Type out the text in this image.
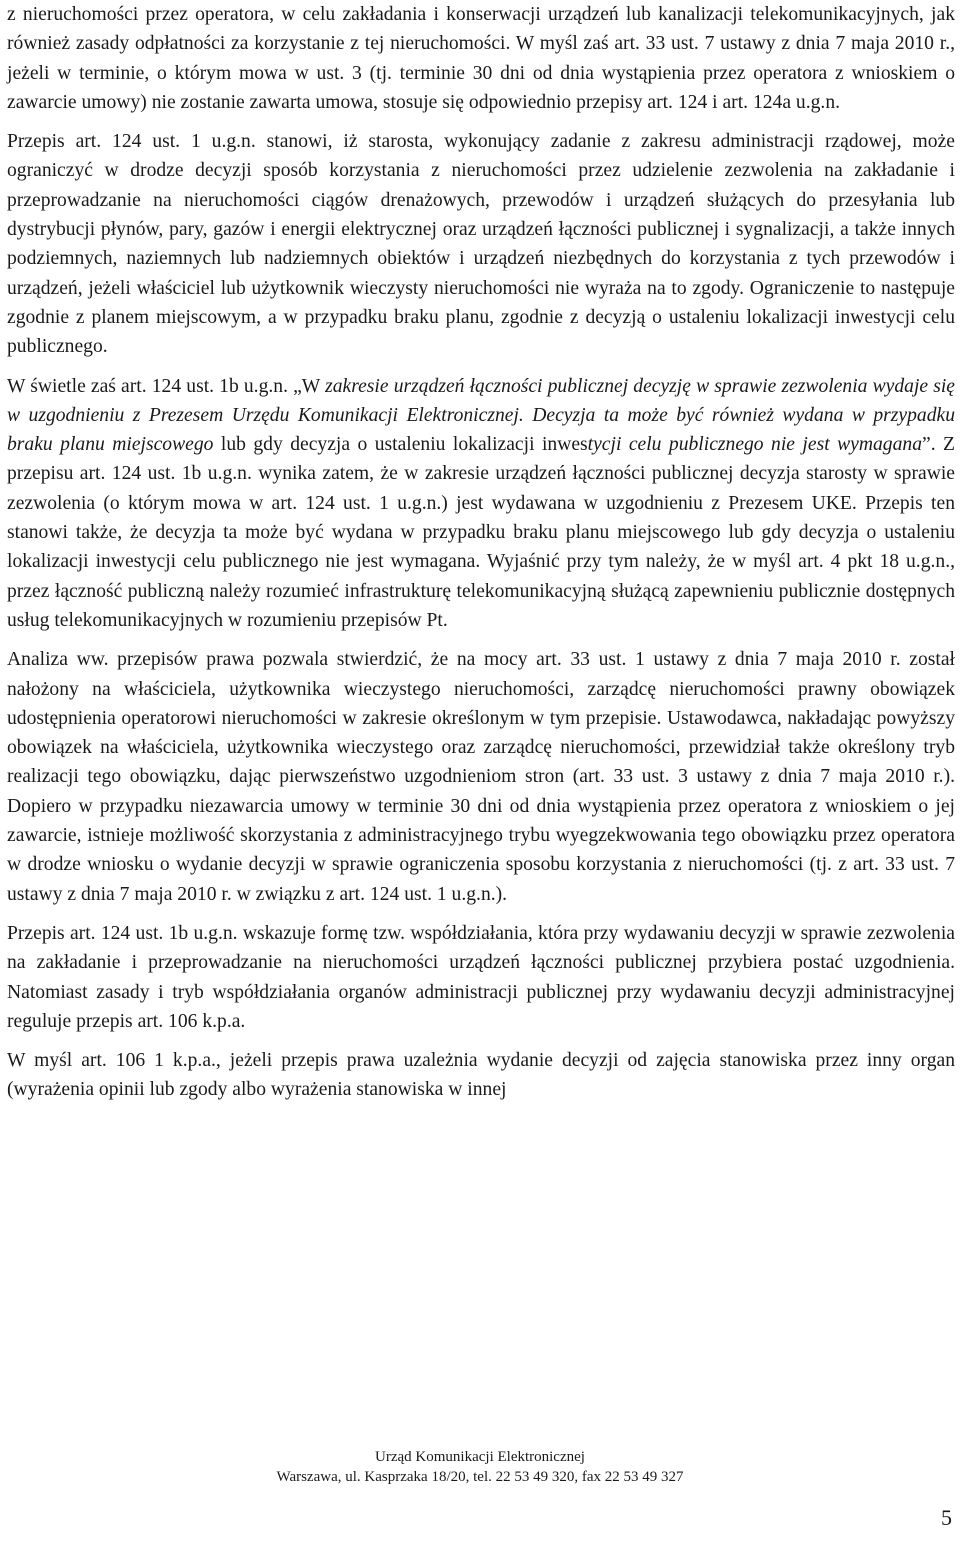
z nieruchomości przez operatora, w celu zakładania i konserwacji urządzeń lub kanalizacji telekomunikacyjnych, jak również zasady odpłatności za korzystanie z tej nieruchomości. W myśl zaś art. 33 ust. 7 ustawy z dnia 7 maja 2010 r., jeżeli w terminie, o którym mowa w ust. 3 (tj. terminie 30 dni od dnia wystąpienia przez operatora z wnioskiem o zawarcie umowy) nie zostanie zawarta umowa, stosuje się odpowiednio przepisy art. 124 i art. 124a u.g.n.

Przepis art. 124 ust. 1 u.g.n. stanowi, iż starosta, wykonujący zadanie z zakresu administracji rządowej, może ograniczyć w drodze decyzji sposób korzystania z nieruchomości przez udzielenie zezwolenia na zakładanie i przeprowadzanie na nieruchomości ciągów drenażowych, przewodów i urządzeń służących do przesyłania lub dystrybucji płynów, pary, gazów i energii elektrycznej oraz urządzeń łączności publicznej i sygnalizacji, a także innych podziemnych, naziemnych lub nadziemnych obiektów i urządzeń niezbędnych do korzystania z tych przewodów i urządzeń, jeżeli właściciel lub użytkownik wieczysty nieruchomości nie wyraża na to zgody. Ograniczenie to następuje zgodnie z planem miejscowym, a w przypadku braku planu, zgodnie z decyzją o ustaleniu lokalizacji inwestycji celu publicznego.

W świetle zaś art. 124 ust. 1b u.g.n. „W zakresie urządzeń łączności publicznej decyzję w sprawie zezwolenia wydaje się w uzgodnieniu z Prezesem Urzędu Komunikacji Elektronicznej. Decyzja ta może być również wydana w przypadku braku planu miejscowego lub gdy decyzja o ustaleniu lokalizacji inwestycji celu publicznego nie jest wymagana”. Z przepisu art. 124 ust. 1b u.g.n. wynika zatem, że w zakresie urządzeń łączności publicznej decyzja starosty w sprawie zezwolenia (o którym mowa w art. 124 ust. 1 u.g.n.) jest wydawana w uzgodnieniu z Prezesem UKE. Przepis ten stanowi także, że decyzja ta może być wydana w przypadku braku planu miejscowego lub gdy decyzja o ustaleniu lokalizacji inwestycji celu publicznego nie jest wymagana. Wyjaśnić przy tym należy, że w myśl art. 4 pkt 18 u.g.n., przez łączność publiczną należy rozumieć infrastrukturę telekomunikacyjną służącą zapewnieniu publicznie dostępnych usług telekomunikacyjnych w rozumieniu przepisów Pt.

Analiza ww. przepisów prawa pozwala stwierdzić, że na mocy art. 33 ust. 1 ustawy z dnia 7 maja 2010 r. został nałożony na właściciela, użytkownika wieczystego nieruchomości, zarządcę nieruchomości prawny obowiązek udostępnienia operatorowi nieruchomości w zakresie określonym w tym przepisie. Ustawodawca, nakładając powyższy obowiązek na właściciela, użytkownika wieczystego oraz zarządcę nieruchomości, przewidział także określony tryb realizacji tego obowiązku, dając pierwszeństwo uzgodnieniom stron (art. 33 ust. 3 ustawy z dnia 7 maja 2010 r.). Dopiero w przypadku niezawarcia umowy w terminie 30 dni od dnia wystąpienia przez operatora z wnioskiem o jej zawarcie, istnieje możliwość skorzystania z administracyjnego trybu wyegzekwowania tego obowiązku przez operatora w drodze wniosku o wydanie decyzji w sprawie ograniczenia sposobu korzystania z nieruchomości (tj. z art. 33 ust. 7 ustawy z dnia 7 maja 2010 r. w związku z art. 124 ust. 1 u.g.n.).

Przepis art. 124 ust. 1b u.g.n. wskazuje formę tzw. współdziałania, która przy wydawaniu decyzji w sprawie zezwolenia na zakładanie i przeprowadzanie na nieruchomości urządzeń łączności publicznej przybiera postać uzgodnienia. Natomiast zasady i tryb współdziałania organów administracji publicznej przy wydawaniu decyzji administracyjnej reguluje przepis art. 106 k.p.a.

W myśl art. 106 1 k.p.a., jeżeli przepis prawa uzależnia wydanie decyzji od zajęcia stanowiska przez inny organ (wyrażenia opinii lub zgody albo wyrażenia stanowiska w innej

Urząd Komunikacji Elektronicznej
Warszawa, ul. Kasprzaka 18/20, tel. 22 53 49 320, fax 22 53 49 327
5
